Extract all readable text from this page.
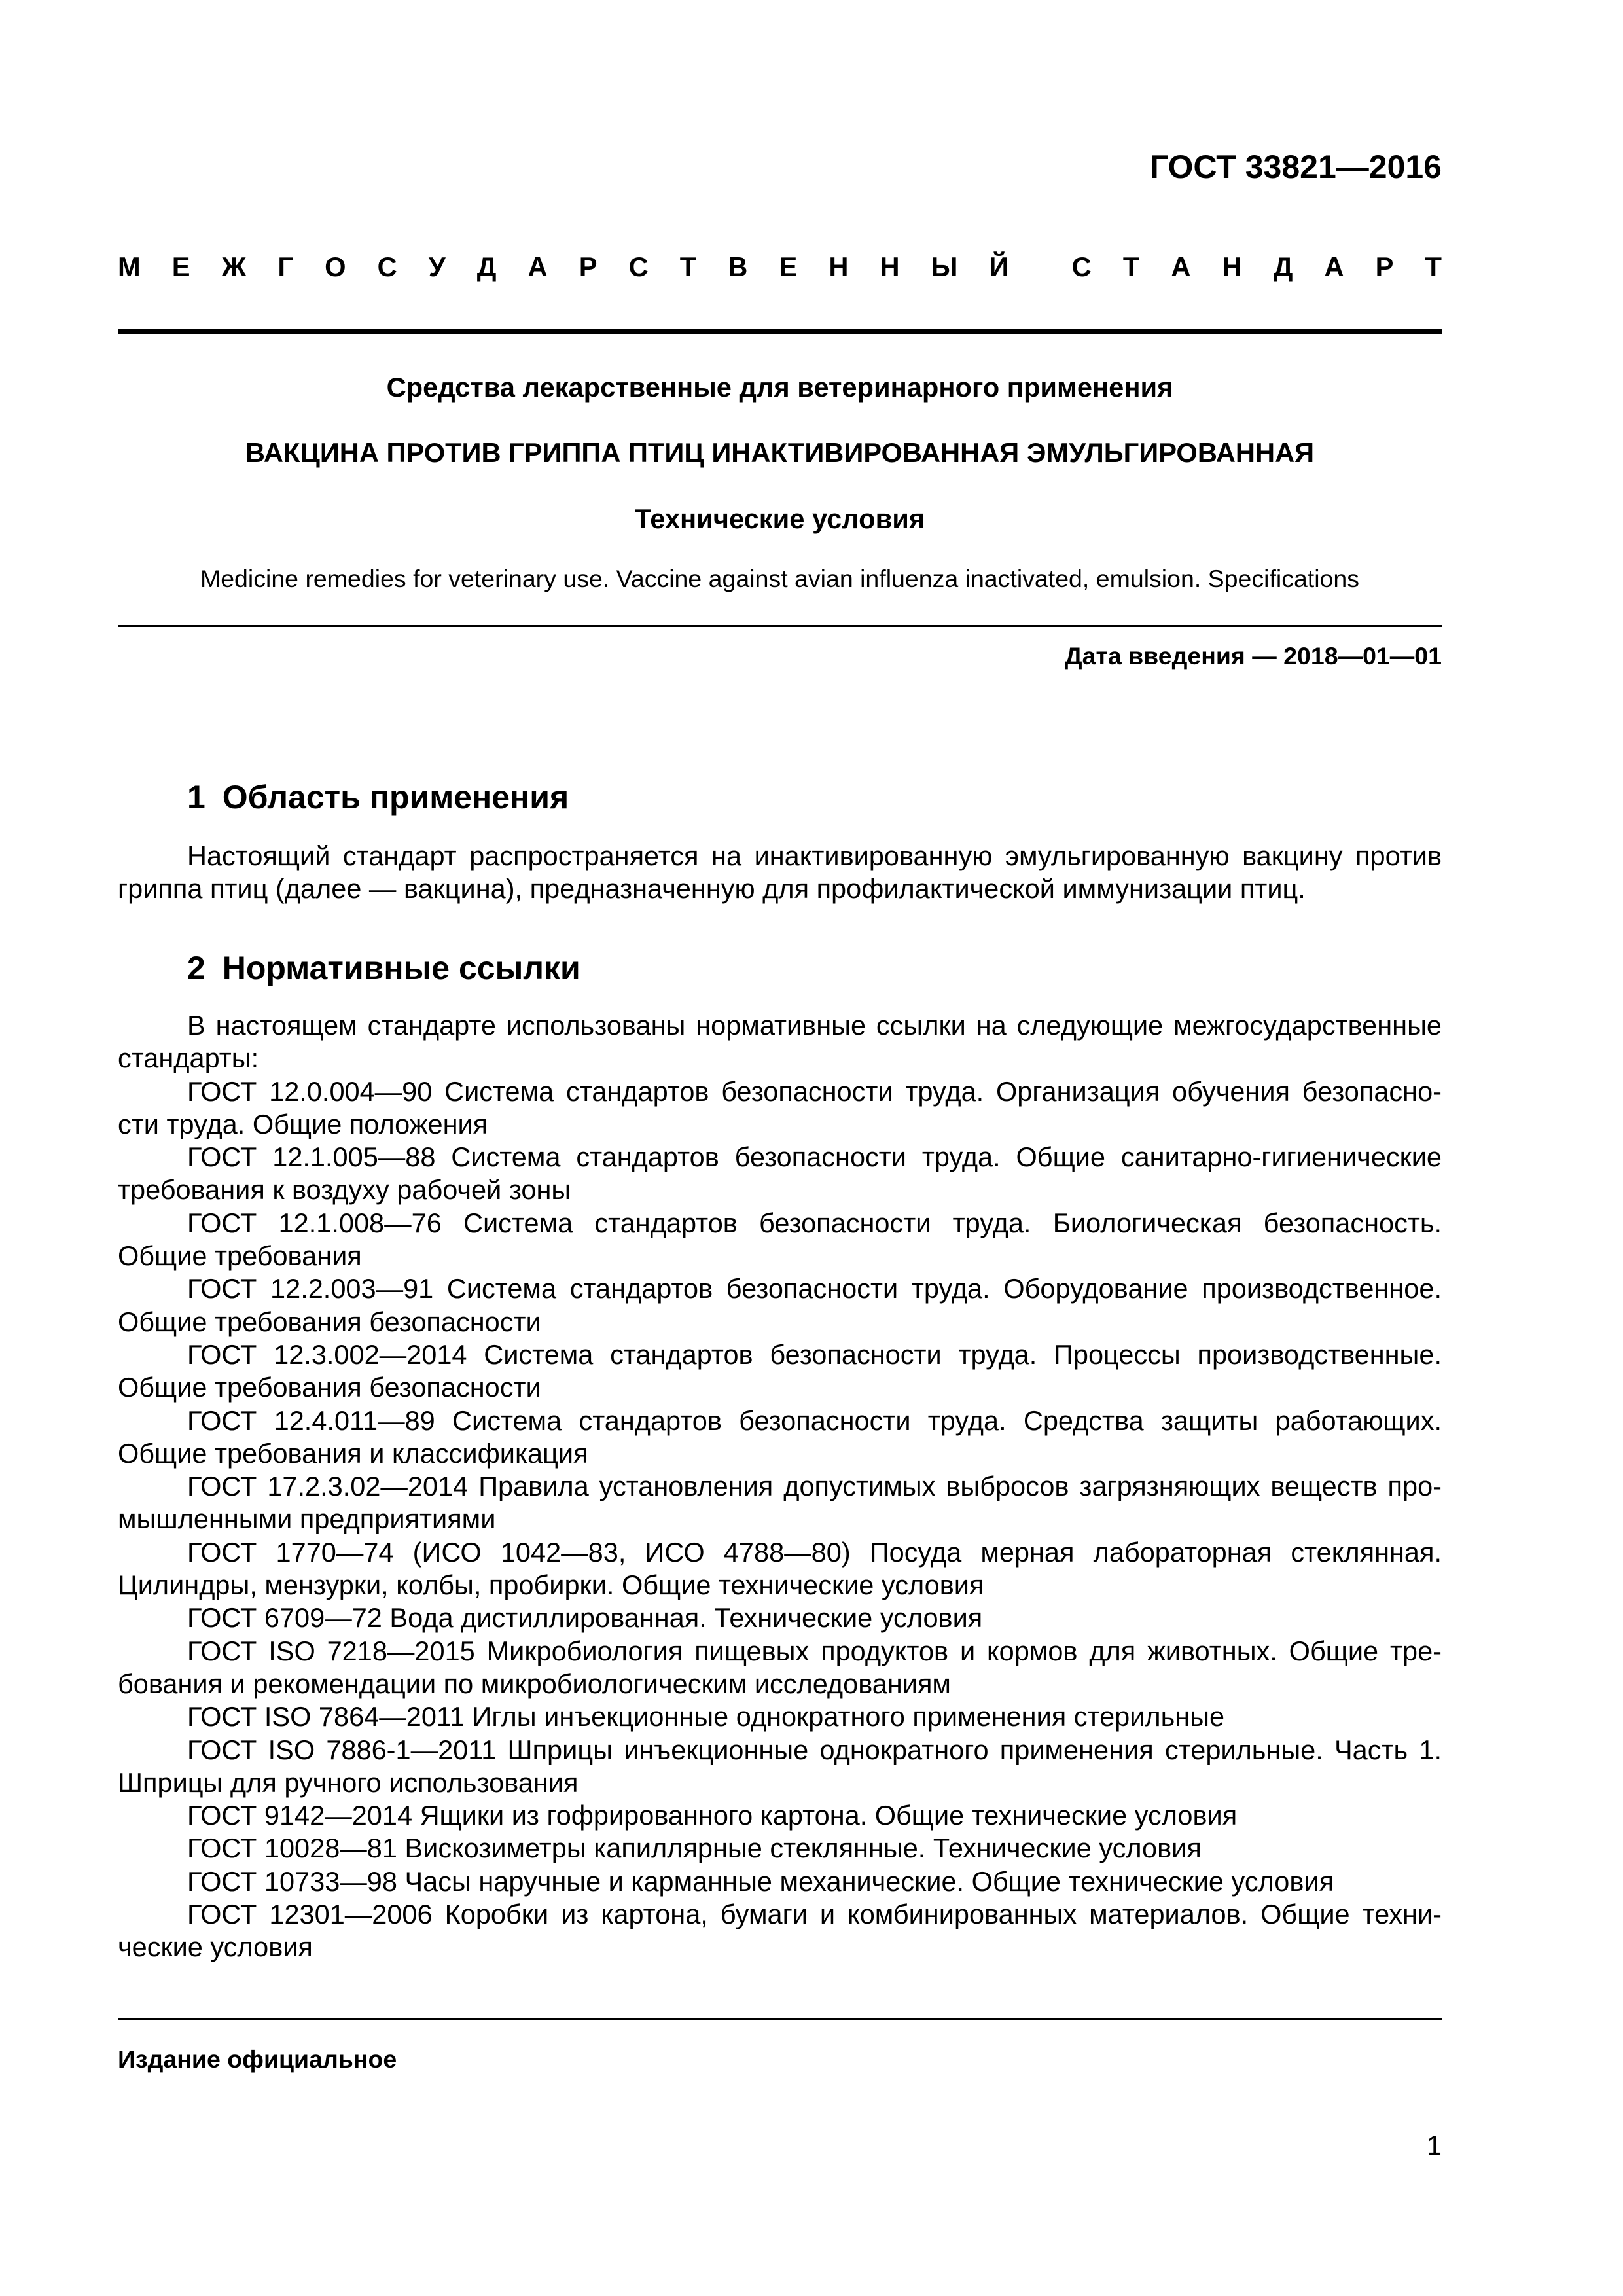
ГОСТ 33821—2016
М Е Ж Г О С У Д А Р С Т В Е Н Н Ы Й С Т А Н Д А Р Т
Средства лекарственные для ветеринарного применения
ВАКЦИНА ПРОТИВ ГРИППА ПТИЦ ИНАКТИВИРОВАННАЯ ЭМУЛЬГИРОВАННАЯ
Технические условия
Medicine remedies for veterinary use. Vaccine against avian influenza inactivated, emulsion. Specifications
Дата введения — 2018—01—01
1 Область применения
Настоящий стандарт распространяется на инактивированную эмульгированную вакцину против
гриппа птиц (далее — вакцина), предназначенную для профилактической иммунизации птиц.
2 Нормативные ссылки
В настоящем стандарте использованы нормативные ссылки на следующие межгосударственные
стандарты:
ГОСТ 12.0.004—90 Система стандартов безопасности труда. Организация обучения безопасно-
сти труда. Общие положения
ГОСТ 12.1.005—88 Система стандартов безопасности труда. Общие санитарно-гигиенические
требования к воздуху рабочей зоны
ГОСТ 12.1.008—76 Система стандартов безопасности труда. Биологическая безопасность.
Общие требования
ГОСТ 12.2.003—91 Система стандартов безопасности труда. Оборудование производственное.
Общие требования безопасности
ГОСТ 12.3.002—2014 Система стандартов безопасности труда. Процессы производственные.
Общие требования безопасности
ГОСТ 12.4.011—89 Система стандартов безопасности труда. Средства защиты работающих.
Общие требования и классификация
ГОСТ 17.2.3.02—2014 Правила установления допустимых выбросов загрязняющих веществ про-
мышленными предприятиями
ГОСТ 1770—74 (ИСО 1042—83, ИСО 4788—80) Посуда мерная лабораторная стеклянная.
Цилиндры, мензурки, колбы, пробирки. Общие технические условия
ГОСТ 6709—72 Вода дистиллированная. Технические условия
ГОСТ ISO 7218—2015 Микробиология пищевых продуктов и кормов для животных. Общие тре-
бования и рекомендации по микробиологическим исследованиям
ГОСТ ISO 7864—2011 Иглы инъекционные однократного применения стерильные
ГОСТ ISO 7886-1—2011 Шприцы инъекционные однократного применения стерильные. Часть 1.
Шприцы для ручного использования
ГОСТ 9142—2014 Ящики из гофрированного картона. Общие технические условия
ГОСТ 10028—81 Вискозиметры капиллярные стеклянные. Технические условия
ГОСТ 10733—98 Часы наручные и карманные механические. Общие технические условия
ГОСТ 12301—2006 Коробки из картона, бумаги и комбинированных материалов. Общие техни-
ческие условия
Издание официальное
1
